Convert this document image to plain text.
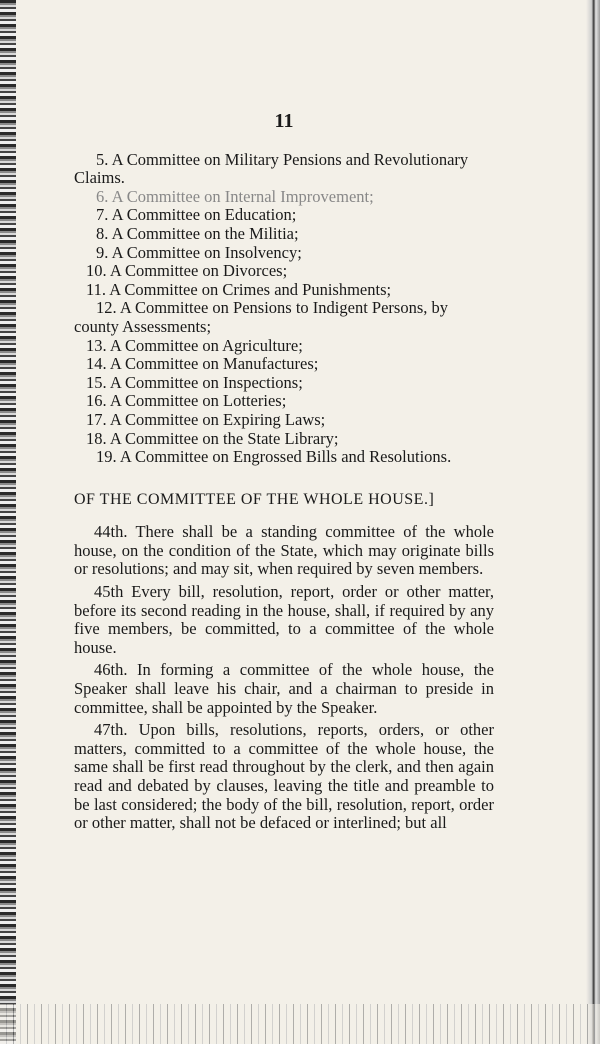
11
5. A Committee on Military Pensions and Revolutionary Claims.
6. A Committee on Internal Improvement;
7. A Committee on Education;
8. A Committee on the Militia;
9. A Committee on Insolvency;
10. A Committee on Divorces;
11. A Committee on Crimes and Punishments;
12. A Committee on Pensions to Indigent Persons, by county Assessments;
13. A Committee on Agriculture;
14. A Committee on Manufactures;
15. A Committee on Inspections;
16. A Committee on Lotteries;
17. A Committee on Expiring Laws;
18. A Committee on the State Library;
19. A Committee on Engrossed Bills and Resolutions.
OF THE COMMITTEE OF THE WHOLE HOUSE.]

44th. There shall be a standing committee of the whole house, on the condition of the State, which may originate bills or resolutions; and may sit, when required by seven members.

45th Every bill, resolution, report, order or other matter, before its second reading in the house, shall, if required by any five members, be committed, to a committee of the whole house.

46th. In forming a committee of the whole house, the Speaker shall leave his chair, and a chairman to preside in committee, shall be appointed by the Speaker.

47th. Upon bills, resolutions, reports, orders, or other matters, committed to a committee of the whole house, the same shall be first read throughout by the clerk, and then again read and debated by clauses, leaving the title and preamble to be last considered; the body of the bill, resolution, report, order or other matter, shall not be defaced or interlined; but all
